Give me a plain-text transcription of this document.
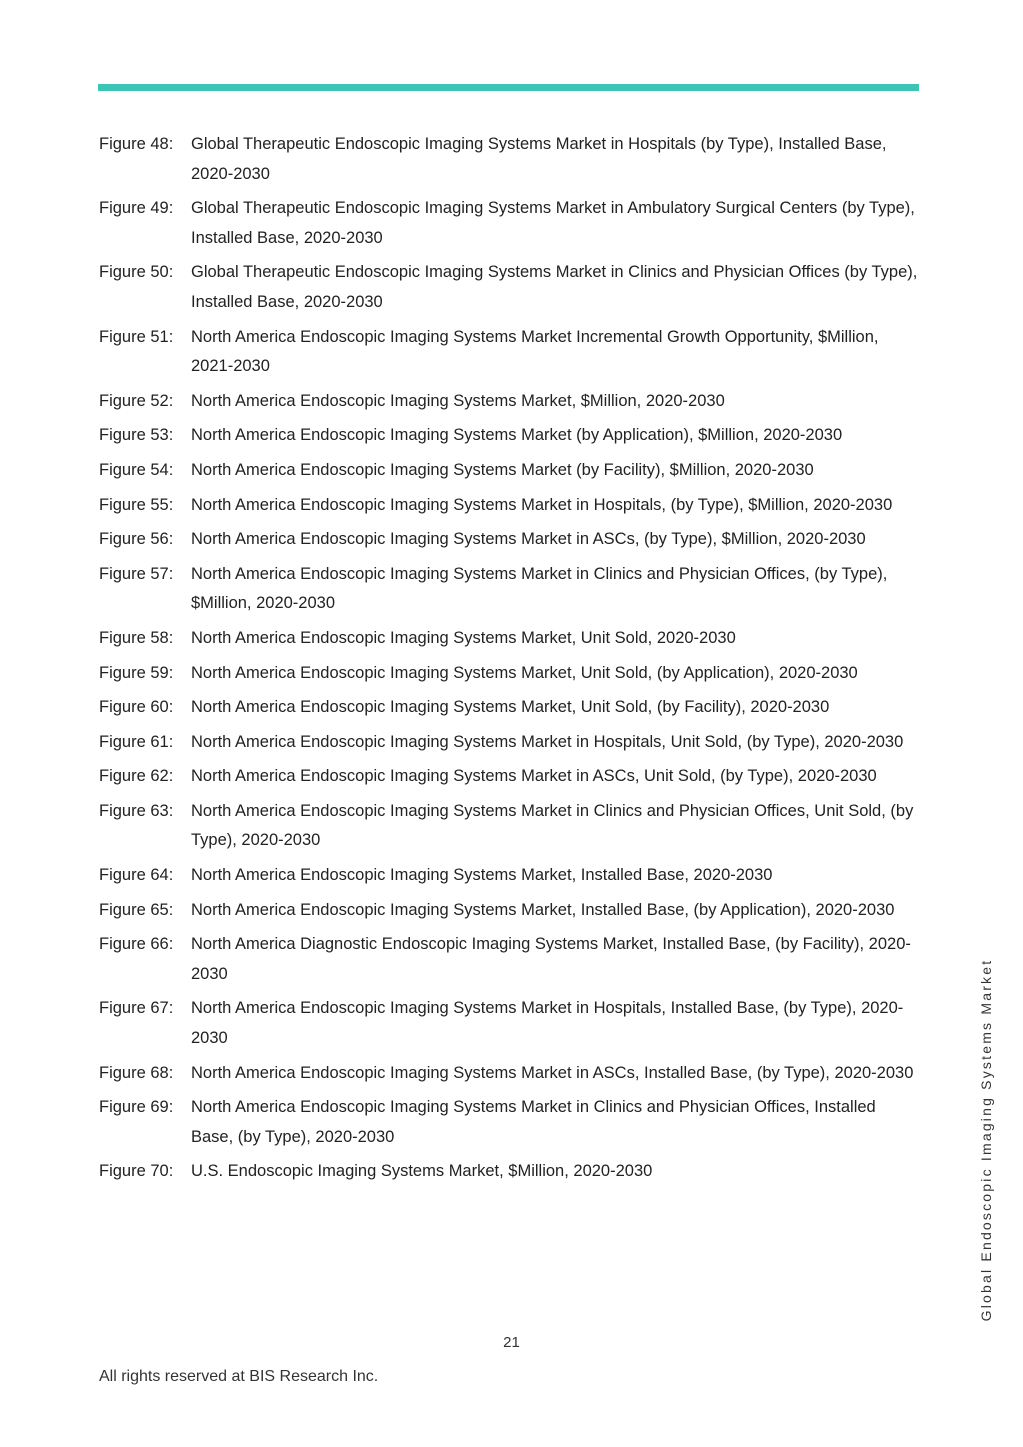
Figure 48:	Global Therapeutic Endoscopic Imaging Systems Market in Hospitals (by Type), Installed Base, 2020-2030
Figure 49:	Global Therapeutic Endoscopic Imaging Systems Market in Ambulatory Surgical Centers (by Type), Installed Base, 2020-2030
Figure 50:	Global Therapeutic Endoscopic Imaging Systems Market in Clinics and Physician Offices (by Type), Installed Base, 2020-2030
Figure 51:	North America Endoscopic Imaging Systems Market Incremental Growth Opportunity, $Million, 2021-2030
Figure 52:	North America Endoscopic Imaging Systems Market, $Million, 2020-2030
Figure 53:	North America Endoscopic Imaging Systems Market (by Application), $Million, 2020-2030
Figure 54:	North America Endoscopic Imaging Systems Market (by Facility), $Million, 2020-2030
Figure 55:	North America Endoscopic Imaging Systems Market in Hospitals, (by Type), $Million, 2020-2030
Figure 56:	North America Endoscopic Imaging Systems Market in ASCs, (by Type), $Million, 2020-2030
Figure 57:	North America Endoscopic Imaging Systems Market in Clinics and Physician Offices, (by Type), $Million, 2020-2030
Figure 58:	North America Endoscopic Imaging Systems Market, Unit Sold, 2020-2030
Figure 59:	North America Endoscopic Imaging Systems Market, Unit Sold, (by Application), 2020-2030
Figure 60:	North America Endoscopic Imaging Systems Market, Unit Sold, (by Facility), 2020-2030
Figure 61:	North America Endoscopic Imaging Systems Market in Hospitals, Unit Sold, (by Type), 2020-2030
Figure 62:	North America Endoscopic Imaging Systems Market in ASCs, Unit Sold, (by Type), 2020-2030
Figure 63:	North America Endoscopic Imaging Systems Market in Clinics and Physician Offices, Unit Sold, (by Type), 2020-2030
Figure 64:	North America Endoscopic Imaging Systems Market, Installed Base, 2020-2030
Figure 65:	North America Endoscopic Imaging Systems Market, Installed Base, (by Application), 2020-2030
Figure 66:	North America Diagnostic Endoscopic Imaging Systems Market, Installed Base, (by Facility), 2020-2030
Figure 67:	North America Endoscopic Imaging Systems Market in Hospitals, Installed Base, (by Type), 2020-2030
Figure 68:	North America Endoscopic Imaging Systems Market in ASCs, Installed Base, (by Type), 2020-2030
Figure 69:	North America Endoscopic Imaging Systems Market in Clinics and Physician Offices, Installed Base, (by Type), 2020-2030
Figure 70:	U.S. Endoscopic Imaging Systems Market, $Million, 2020-2030	Global Endoscopic Imaging Systems Market
21
All rights reserved at BIS Research Inc.
